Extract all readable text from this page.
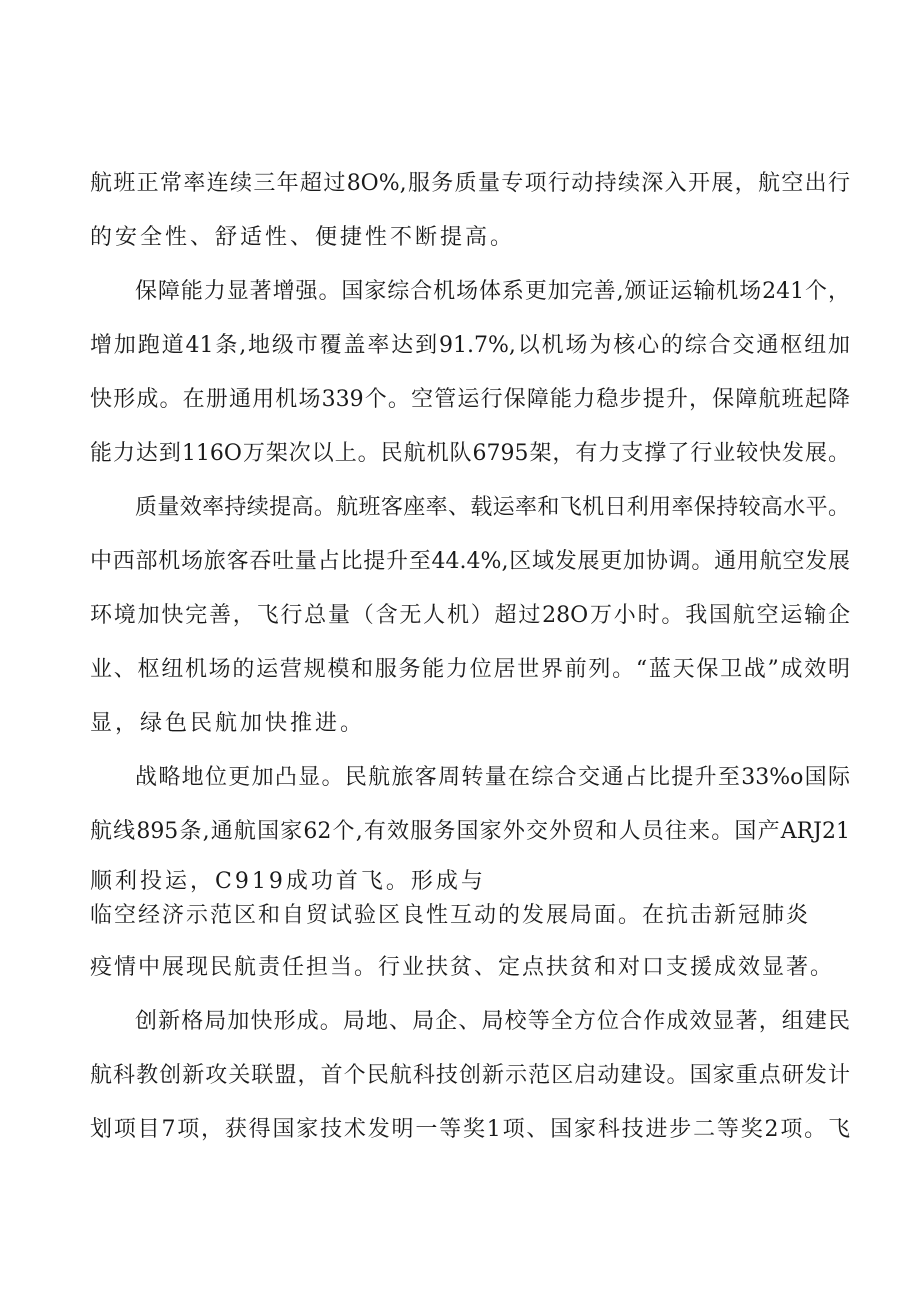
航班正常率连续三年超过8O%,服务质量专项行动持续深入开展，航空出行
的安全性、舒适性、便捷性不断提高。
保障能力显著增强。国家综合机场体系更加完善,颁证运输机场241个，
增加跑道41条,地级市覆盖率达到91.7%,以机场为核心的综合交通枢纽加
快形成。在册通用机场339个。空管运行保障能力稳步提升，保障航班起降
能力达到116O万架次以上。民航机队6795架，有力支撑了行业较快发展。
质量效率持续提高。航班客座率、载运率和飞机日利用率保持较高水平。
中西部机场旅客吞吐量占比提升至44.4%,区域发展更加协调。通用航空发展
环境加快完善，飞行总量（含无人机）超过28O万小时。我国航空运输企
业、枢纽机场的运营规模和服务能力位居世界前列。“蓝天保卫战”成效明
显，绿色民航加快推进。
战略地位更加凸显。民航旅客周转量在综合交通占比提升至33%o国际
航线895条,通航国家62个,有效服务国家外交外贸和人员往来。国产ARJ21
顺利投运，C919成功首飞。形成与
临空经济示范区和自贸试验区良性互动的发展局面。在抗击新冠肺炎
疫情中展现民航责任担当。行业扶贫、定点扶贫和对口支援成效显著。
创新格局加快形成。局地、局企、局校等全方位合作成效显著，组建民
航科教创新攻关联盟，首个民航科技创新示范区启动建设。国家重点研发计
划项目7项，获得国家技术发明一等奖1项、国家科技进步二等奖2项。飞
